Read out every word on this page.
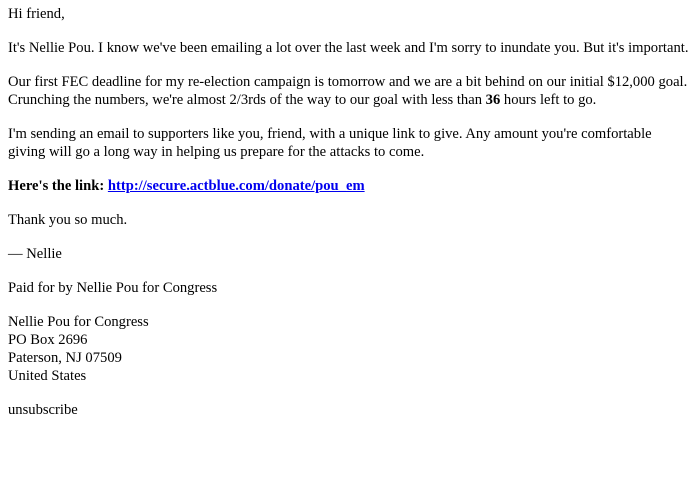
Hi friend,

It's Nellie Pou. I know we've been emailing a lot over the last week and I'm sorry to inundate you. But it's important.

Our first FEC deadline for my re-election campaign is tomorrow and we are a bit behind on our initial $12,000 goal. Crunching the numbers, we're almost 2/3rds of the way to our goal with less than 36 hours left to go.

I'm sending an email to supporters like you, friend, with a unique link to give. Any amount you're comfortable giving will go a long way in helping us prepare for the attacks to come.

Here's the link: http://secure.actblue.com/donate/pou_em

Thank you so much.

— Nellie

Paid for by Nellie Pou for Congress

Nellie Pou for Congress
PO Box 2696
Paterson, NJ 07509
United States

unsubscribe
